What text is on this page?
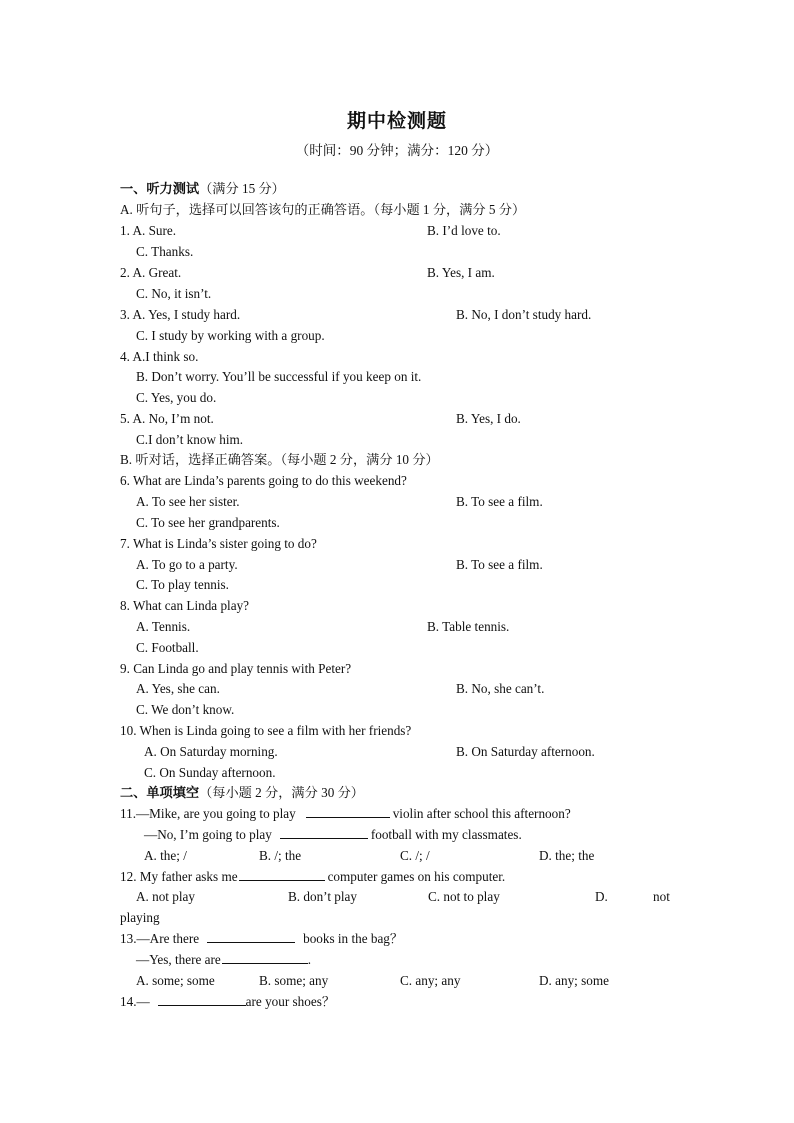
期中检测题
（时间：90 分钟；满分：120 分）
一、听力测试（满分 15 分）
A. 听句子，选择可以回答该句的正确答语。（每小题 1 分，满分 5 分）
1. A. Sure.	B. I’d love to.
C. Thanks.
2. A. Great.	B. Yes, I am.
C. No, it isn’t.
3. A. Yes, I study hard.	B. No, I don’t study hard.
C. I study by working with a group.
4. A.I think so.
B. Don’t worry. You’ll be successful if you keep on it.
C. Yes, you do.
5. A. No, I’m not.	B. Yes, I do.
C.I don’t know him.
B. 听对话，选择正确答案。（每小题 2 分，满分 10 分）
6. What are Linda’s parents going to do this weekend?
A. To see her sister.	B. To see a film.
C. To see her grandparents.
7. What is Linda’s sister going to do?
A. To go to a party.	B. To see a film.
C. To play tennis.
8. What can Linda play?
A. Tennis.	B. Table tennis.
C. Football.
9. Can Linda go and play tennis with Peter?
A. Yes, she can.	B. No, she can’t.
C. We don’t know.
10. When is Linda going to see a film with her friends?
A. On Saturday morning.	B. On Saturday afternoon.
C. On Sunday afternoon.
二、单项填空（每小题 2 分，满分 30 分）
11.—Mike, are you going to play	violin after school this afternoon?
—No, I’m going to play	football with my classmates.
A. the; /	B. /; the	C. /; /	D. the; the
12. My father asks me	computer games on his computer.
A. not play	B. don’t play	C. not to play	D.	not
playing
13.—Are there	books in the bag？
—Yes, there are	.
A. some; some	B. some; any	C. any; any	D. any; some
14.—	are your shoes？
